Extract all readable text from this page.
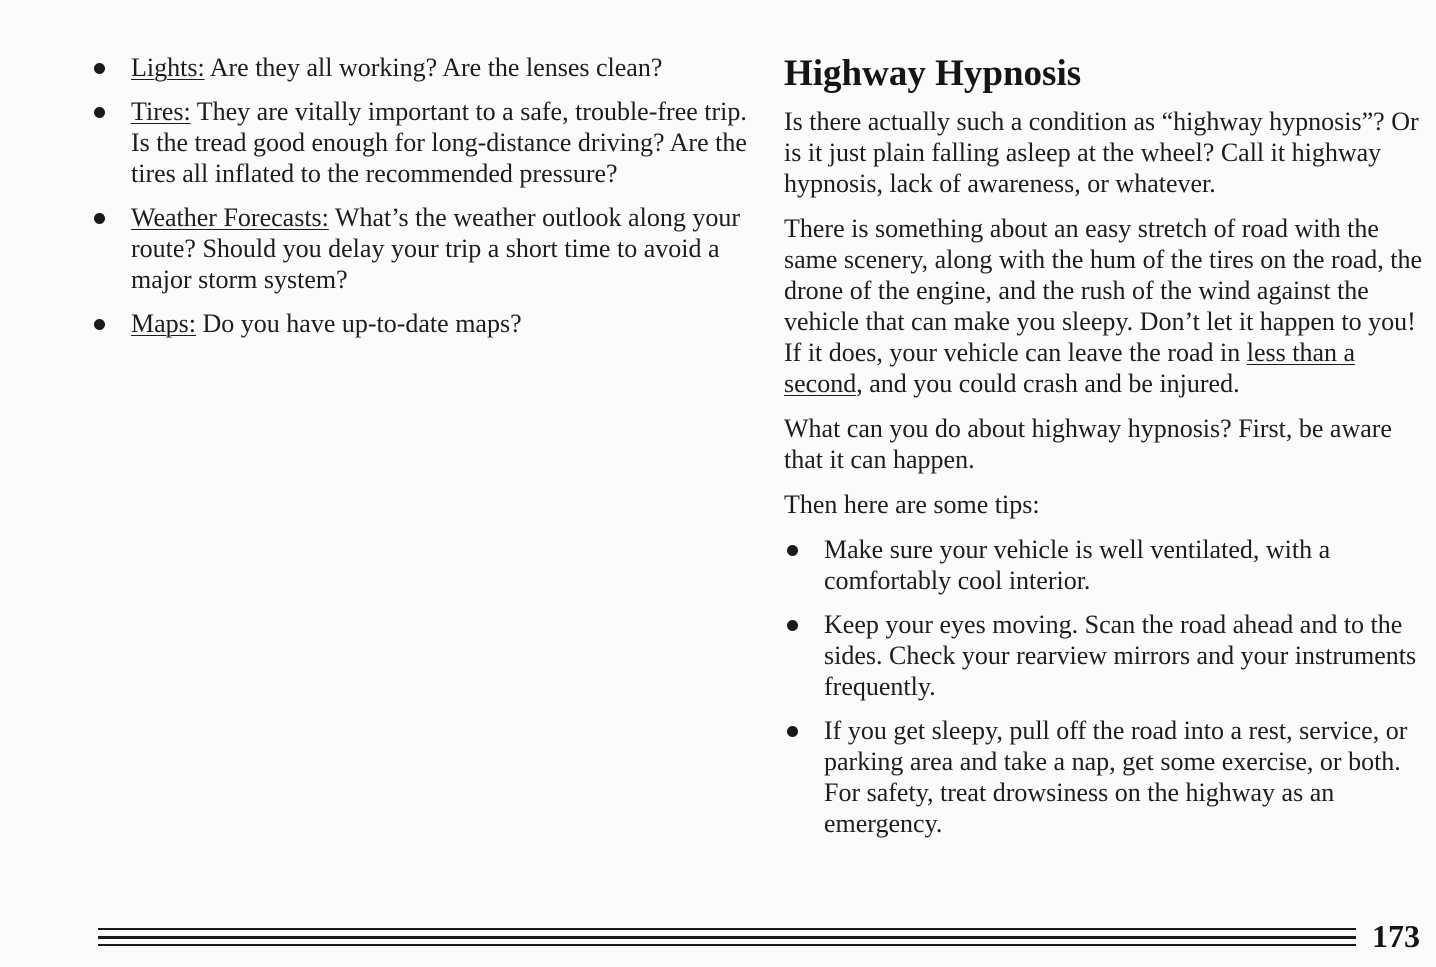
Lights: Are they all working? Are the lenses clean?
Tires: They are vitally important to a safe, trouble-free trip. Is the tread good enough for long-distance driving? Are the tires all inflated to the recommended pressure?
Weather Forecasts: What’s the weather outlook along your route? Should you delay your trip a short time to avoid a major storm system?
Maps: Do you have up-to-date maps?
Highway Hypnosis

Is there actually such a condition as “highway hypnosis”? Or is it just plain falling asleep at the wheel? Call it highway hypnosis, lack of awareness, or whatever.

There is something about an easy stretch of road with the same scenery, along with the hum of the tires on the road, the drone of the engine, and the rush of the wind against the vehicle that can make you sleepy. Don’t let it happen to you! If it does, your vehicle can leave the road in less than a second, and you could crash and be injured.

What can you do about highway hypnosis? First, be aware that it can happen.

Then here are some tips:

Make sure your vehicle is well ventilated, with a comfortably cool interior.
Keep your eyes moving. Scan the road ahead and to the sides. Check your rearview mirrors and your instruments frequently.
If you get sleepy, pull off the road into a rest, service, or parking area and take a nap, get some exercise, or both. For safety, treat drowsiness on the highway as an emergency.
173
